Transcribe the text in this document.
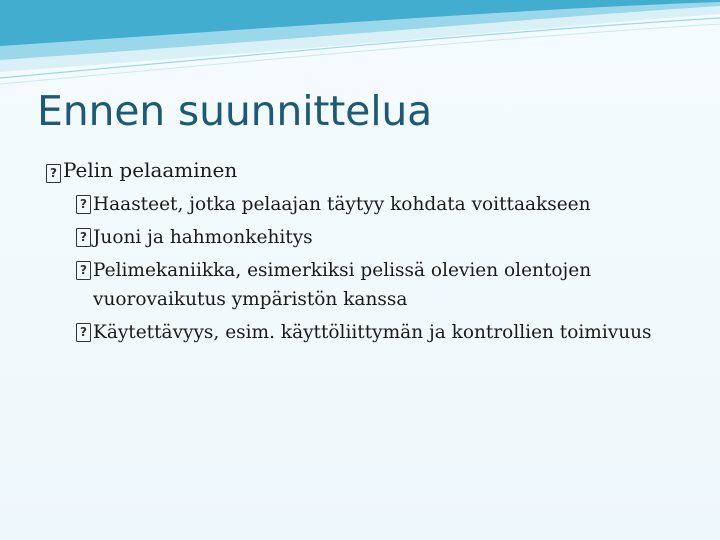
Ennen suunnittelua
? Pelin pelaaminen
? Haasteet, jotka pelaajan täytyy kohdata voittaakseen
? Juoni ja hahmonkehitys
? Pelimekaniikka, esimerkiksi pelissä olevien olentojen vuorovaikutus ympäristön kanssa
? Käytettävyys, esim. käyttöliittymän ja kontrollien toimivuus
